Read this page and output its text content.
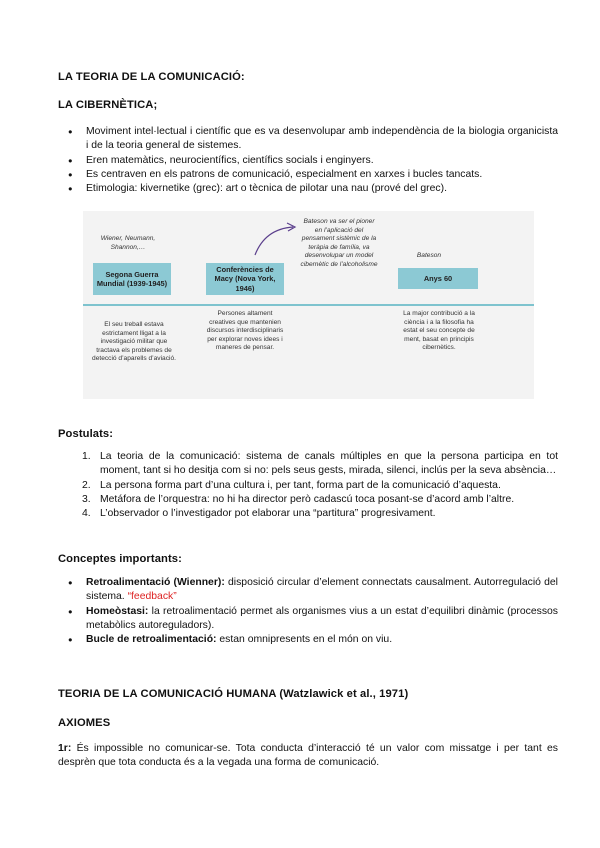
LA TEORIA DE LA COMUNICACIÓ:
LA CIBERNÈTICA;
● Moviment intel·lectual i científic que es va desenvolupar amb independència de la biologia organicista i de la teoria general de sistemes.
● Eren matemàtics, neurocientífics, científics socials i enginyers.
● Es centraven en els patrons de comunicació, especialment en xarxes i bucles tancats.
● Etimologia: kivernetike (grec): art o tècnica de pilotar una nau (prové del grec).
Wiener, Neumann, Shannon,…
Segona Guerra Mundial (1939-1945)
Conferències de Macy (Nova York, 1946)
Bateson va ser el pioner en l’aplicació del pensament sistèmic de la teràpia de família, va desenvolupar un model cibernètic de l’alcoholisme
Bateson
Anys 60
El seu treball estava estrictament lligat a la investigació militar que tractava els problemes de detecció d’aparells d’aviació.
Persones altament creatives que mantenien discursos interdisciplinaris per explorar noves idees i maneres de pensar.
La major contribució a la ciència i a la filosofia ha estat el seu concepte de ment, basat en principis cibernètics.
Postulats:
1. La teoria de la comunicació: sistema de canals múltiples en que la persona participa en tot moment, tant si ho desitja com si no: pels seus gests, mirada, silenci, inclús per la seva absència…
2. La persona forma part d’una cultura i, per tant, forma part de la comunicació d’aquesta.
3. Metáfora de l’orquestra: no hi ha director però cadascú toca posant-se d’acord amb l’altre.
4. L’observador o l’investigador pot elaborar una “partitura” progresivament.
Conceptes importants:
● Retroalimentació (Wienner): disposició circular d’element connectats causalment. Autorregulació del sistema. “feedback”
● Homeòstasi: la retroalimentació permet als organismes vius a un estat d’equilibri dinàmic (processos metabòlics autoreguladors).
● Bucle de retroalimentació: estan omnipresents en el món on viu.
TEORIA DE LA COMUNICACIÓ HUMANA (Watzlawick et al., 1971)
AXIOMES
1r: És impossible no comunicar-se. Tota conducta d’interacció té un valor com missatge i per tant es desprèn que tota conducta és a la vegada una forma de comunicació.
